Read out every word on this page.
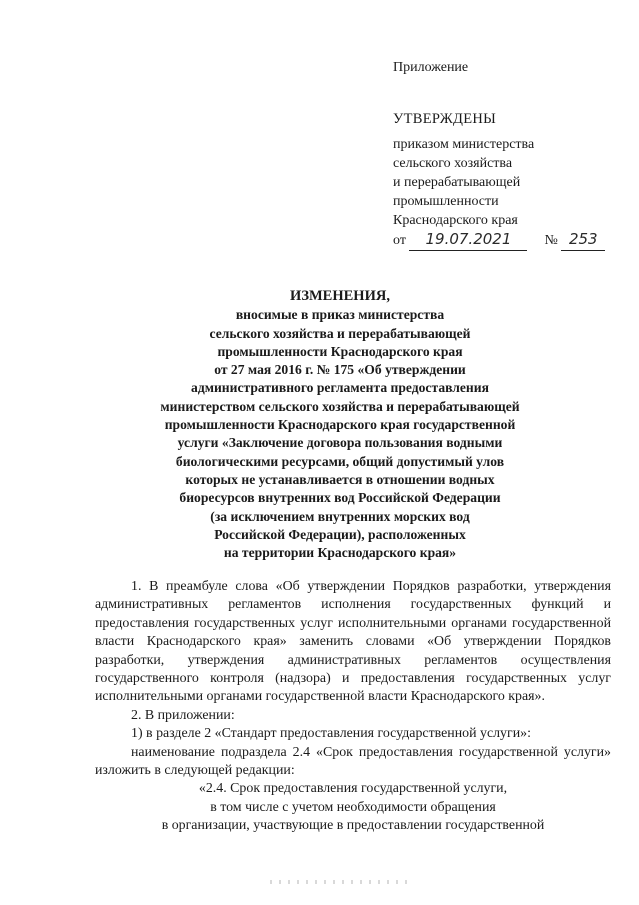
Приложение
УТВЕРЖДЕНЫ
приказом министерства
сельского хозяйства
и перерабатывающей
промышленности
Краснодарского края
от 19.07.2021 № 253
ИЗМЕНЕНИЯ,
вносимые в приказ министерства
сельского хозяйства и перерабатывающей
промышленности Краснодарского края
от 27 мая 2016 г. № 175 «Об утверждении
административного регламента предоставления
министерством сельского хозяйства и перерабатывающей
промышленности Краснодарского края государственной
услуги «Заключение договора пользования водными
биологическими ресурсами, общий допустимый улов
которых не устанавливается в отношении водных
биоресурсов внутренних вод Российской Федерации
(за исключением внутренних морских вод
Российской Федерации), расположенных
на территории Краснодарского края»

1. В преамбуле слова «Об утверждении Порядков разработки, утверждения административных регламентов исполнения государственных функций и предоставления государственных услуг исполнительными органами государственной власти Краснодарского края» заменить словами «Об утверждении Порядков разработки, утверждения административных регламентов осуществления государственного контроля (надзора) и предоставления государственных услуг исполнительными органами государственной власти Краснодарского края».

2. В приложении:

1) в разделе 2 «Стандарт предоставления государственной услуги»:

наименование подраздела 2.4 «Срок предоставления государственной услуги» изложить в следующей редакции:

«2.4. Срок предоставления государственной услуги,
в том числе с учетом необходимости обращения
в организации, участвующие в предоставлении государственной
